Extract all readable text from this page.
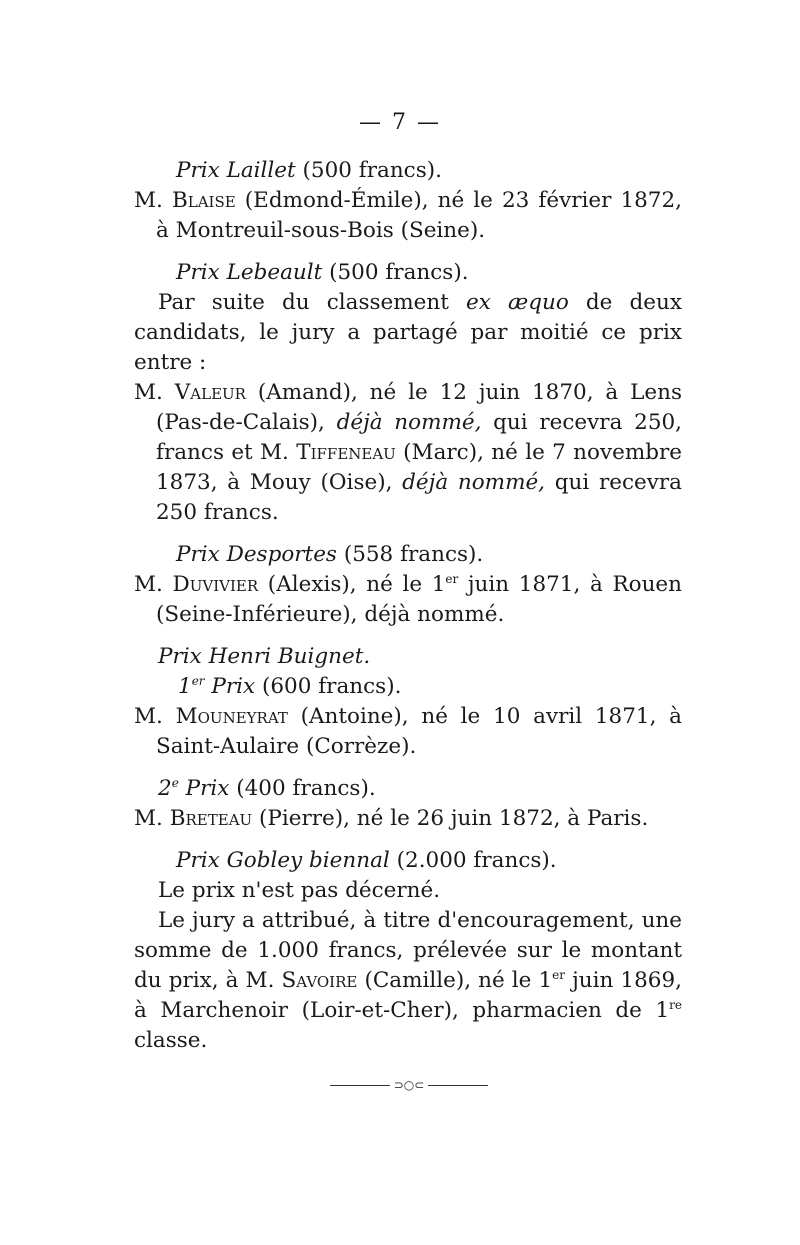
— 7 —

Prix Laillet (500 francs).

M. Blaise (Edmond-Émile), né le 23 février 1872, à Montreuil-sous-Bois (Seine).

Prix Lebeault (500 francs).

Par suite du classement ex æquo de deux candidats, le jury a partagé par moitié ce prix entre :

M. Valeur (Amand), né le 12 juin 1870, à Lens (Pas-de-Calais), déjà nommé, qui recevra 250, francs et M. Tiffeneau (Marc), né le 7 novembre 1873, à Mouy (Oise), déjà nommé, qui recevra 250 francs.

Prix Desportes (558 francs).

M. Duvivier (Alexis), né le 1er juin 1871, à Rouen (Seine-Inférieure), déjà nommé.

Prix Henri Buignet.

1er Prix (600 francs).

M. Mouneyrat (Antoine), né le 10 avril 1871, à Saint-Aulaire (Corrèze).

2e Prix (400 francs).

M. Breteau (Pierre), né le 26 juin 1872, à Paris.

Prix Gobley biennal (2.000 francs).

Le prix n'est pas décerné.

Le jury a attribué, à titre d'encouragement, une somme de 1.000 francs, prélevée sur le montant du prix, à M. Savoire (Camille), né le 1er juin 1869, à Marchenoir (Loir-et-Cher), pharmacien de 1re classe.

⊃○⊂
